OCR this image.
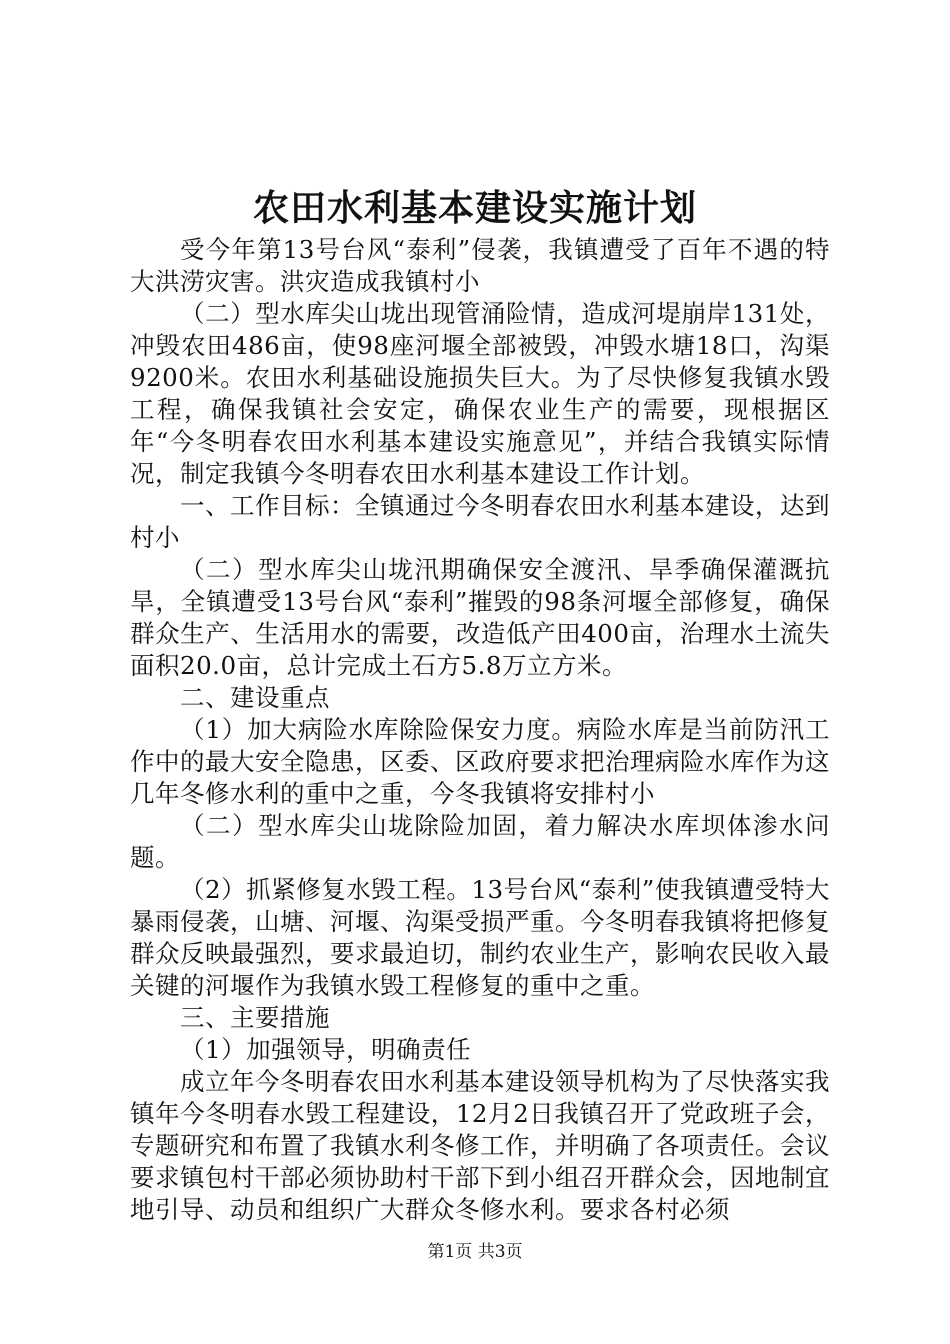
农田水利基本建设实施计划

受今年第13号台风“泰利”侵袭，我镇遭受了百年不遇的特大洪涝灾害。洪灾造成我镇村小

（二）型水库尖山垅出现管涌险情，造成河堤崩岸131处，冲毁农田486亩，使98座河堰全部被毁，冲毁水塘18口，沟渠9200米。农田水利基础设施损失巨大。为了尽快修复我镇水毁工程，确保我镇社会安定，确保农业生产的需要，现根据区年“今冬明春农田水利基本建设实施意见”，并结合我镇实际情况，制定我镇今冬明春农田水利基本建设工作计划。

一、工作目标：全镇通过今冬明春农田水利基本建设，达到村小

（二）型水库尖山垅汛期确保安全渡汛、旱季确保灌溉抗旱，全镇遭受13号台风“泰利”摧毁的98条河堰全部修复，确保群众生产、生活用水的需要，改造低产田400亩，治理水土流失面积20.0亩，总计完成土石方5.8万立方米。

二、建设重点

（1）加大病险水库除险保安力度。病险水库是当前防汛工作中的最大安全隐患，区委、区政府要求把治理病险水库作为这几年冬修水利的重中之重，今冬我镇将安排村小

（二）型水库尖山垅除险加固，着力解决水库坝体渗水问题。

（2）抓紧修复水毁工程。13号台风“泰利”使我镇遭受特大暴雨侵袭，山塘、河堰、沟渠受损严重。今冬明春我镇将把修复群众反映最强烈，要求最迫切，制约农业生产，影响农民收入最关键的河堰作为我镇水毁工程修复的重中之重。

三、主要措施

（1）加强领导，明确责任

成立年今冬明春农田水利基本建设领导机构为了尽快落实我镇年今冬明春水毁工程建设，12月2日我镇召开了党政班子会，专题研究和布置了我镇水利冬修工作，并明确了各项责任。会议要求镇包村干部必须协助村干部下到小组召开群众会，因地制宜地引导、动员和组织广大群众冬修水利。要求各村必须

第1页 共3页
